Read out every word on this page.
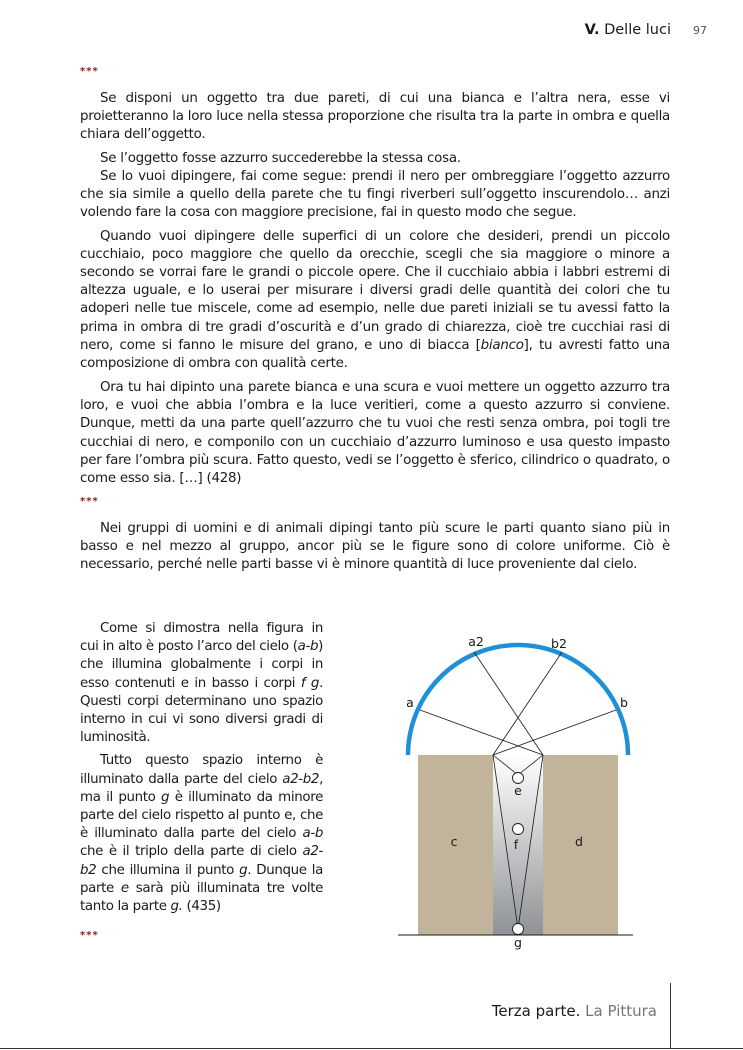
V. Delle luci 97
***

Se disponi un oggetto tra due pareti, di cui una bianca e l’altra nera, esse vi proietteranno la loro luce nella stessa proporzione che risulta tra la parte in ombra e quella chiara dell’oggetto.

Se l’oggetto fosse azzurro succederebbe la stessa cosa.

Se lo vuoi dipingere, fai come segue: prendi il nero per ombreggiare l’oggetto azzurro che sia simile a quello della parete che tu fingi riverberi sull’oggetto inscurendolo… anzi volendo fare la cosa con maggiore precisione, fai in questo modo che segue.

Quando vuoi dipingere delle superfici di un colore che desideri, prendi un piccolo cucchiaio, poco maggiore che quello da orecchie, scegli che sia maggiore o minore a secondo se vorrai fare le grandi o piccole opere. Che il cucchiaio abbia i labbri estremi di altezza uguale, e lo userai per misurare i diversi gradi delle quantità dei colori che tu adoperi nelle tue miscele, come ad esempio, nelle due pareti iniziali se tu avessi fatto la prima in ombra di tre gradi d’oscurità e d’un grado di chiarezza, cioè tre cucchiai rasi di nero, come si fanno le misure del grano, e uno di biacca [bianco], tu avresti fatto una composizione di ombra con qualità certe.

Ora tu hai dipinto una parete bianca e una scura e vuoi mettere un oggetto azzurro tra loro, e vuoi che abbia l’ombra e la luce veritieri, come a questo azzurro si conviene. Dunque, metti da una parte quell’azzurro che tu vuoi che resti senza ombra, poi togli tre cucchiai di nero, e componilo con un cucchiaio d’azzurro luminoso e usa questo impasto per fare l’ombra più scura. Fatto questo, vedi se l’oggetto è sferico, cilindrico o quadrato, o come esso sia. […] (428)

***

Nei gruppi di uomini e di animali dipingi tanto più scure le parti quanto siano più in basso e nel mezzo al gruppo, ancor più se le figure sono di colore uniforme. Ciò è necessario, perché nelle parti basse vi è minore quantità di luce proveniente dal cielo.

Come si dimostra nella figura in cui in alto è posto l’arco del cielo (a-b) che illumina globalmente i corpi in esso contenuti e in basso i corpi f g. Questi corpi determinano uno spazio interno in cui vi sono diversi gradi di luminosità.

Tutto questo spazio interno è illuminato dalla parte del cielo a2-b2, ma il punto g è illuminato da minore parte del cielo rispetto al punto e, che è illuminato dalla parte del cielo a-b che è il triplo della parte di cielo a2-b2 che illumina il punto g. Dunque la parte e sarà più illuminata tre volte tanto la parte g. (435)

***
a
a2	b2
b
c	d
e
f
g
Terza parte. La Pittura
